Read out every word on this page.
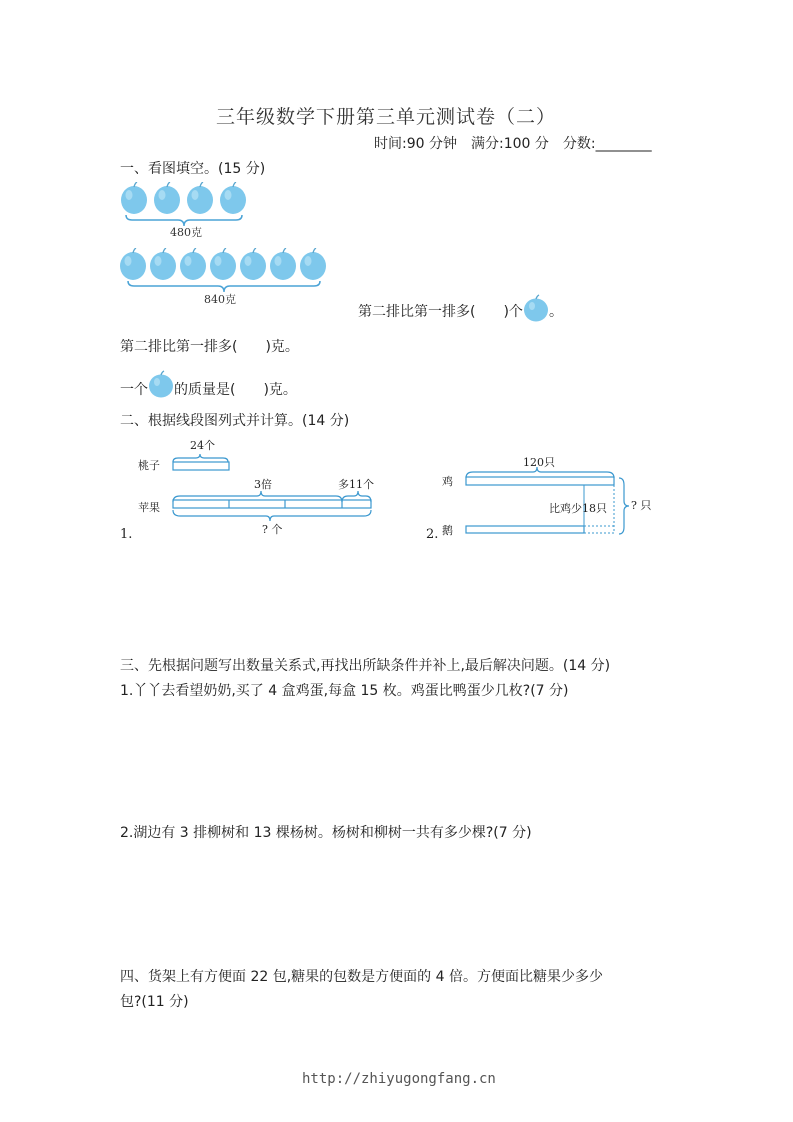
三年级数学下册第三单元测试卷（二）
时间:90 分钟　满分:100 分　分数:________
一、看图填空。(15 分)
480克
840克
第二排比第一排多(　　)个 。
第二排比第一排多(　　)克。
一个 的质量是(　　)克。
二、根据线段图列式并计算。(14 分)
桃子
苹果
24个
3倍	多11个
? 个
1.
鸡
鹅
120只
比鸡少18只 ? 只
2.
三、先根据问题写出数量关系式,再找出所缺条件并补上,最后解决问题。(14 分)
1.丫丫去看望奶奶,买了 4 盒鸡蛋,每盒 15 枚。鸡蛋比鸭蛋少几枚?(7 分)
2.湖边有 3 排柳树和 13 棵杨树。杨树和柳树一共有多少棵?(7 分)
四、货架上有方便面 22 包,糖果的包数是方便面的 4 倍。方便面比糖果少多少
包?(11 分)
http://zhiyugongfang.cn
